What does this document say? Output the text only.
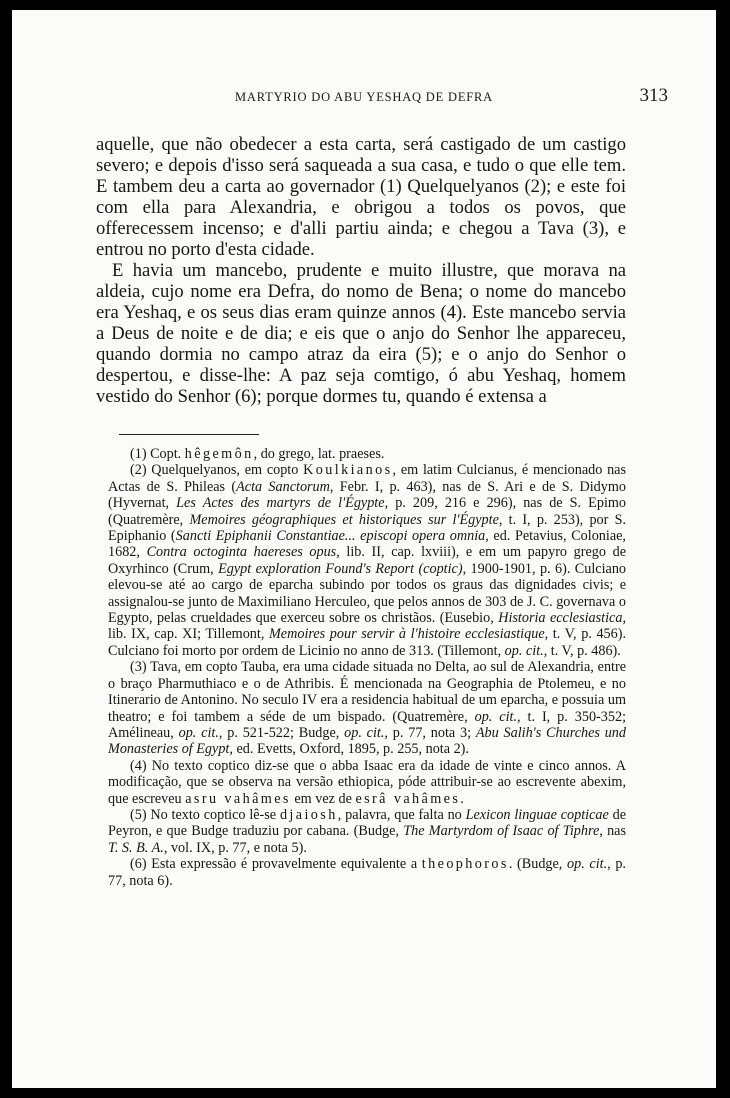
MARTYRIO DO ABU YESHAQ DE DEFRA	313

aquelle, que não obedecer a esta carta, será castigado de um castigo severo; e depois d'isso será saqueada a sua casa, e tudo o que elle tem. E tambem deu a carta ao governador (1) Quelquelyanos (2); e este foi com ella para Alexandria, e obrigou a todos os povos, que offerecessem incenso; e d'alli partiu ainda; e chegou a Tava (3), e entrou no porto d'esta cidade.

E havia um mancebo, prudente e muito illustre, que morava na aldeia, cujo nome era Defra, do nomo de Bena; o nome do mancebo era Yeshaq, e os seus dias eram quinze annos (4). Este mancebo servia a Deus de noite e de dia; e eis que o anjo do Senhor lhe appareceu, quando dormia no campo atraz da eira (5); e o anjo do Senhor o despertou, e disse-lhe: A paz seja comtigo, ó abu Yeshaq, homem vestido do Senhor (6); porque dormes tu, quando é extensa a

(1) Copt. hêgemôn, do grego, lat. praeses.

(2) Quelquelyanos, em copto Koulkianos, em latim Culcianus, é mencionado nas Actas de S. Phileas (Acta Sanctorum, Febr. I, p. 463), nas de S. Ari e de S. Didymo (Hyvernat, Les Actes des martyrs de l'Égypte, p. 209, 216 e 296), nas de S. Epimo (Quatremère, Memoires géographiques et historiques sur l'Égypte, t. I, p. 253), por S. Epiphanio (Sancti Epiphanii Constantiae... episcopi opera omnia, ed. Petavius, Coloniae, 1682, Contra octoginta haereses opus, lib. II, cap. lxviii), e em um papyro grego de Oxyrhinco (Crum, Egypt exploration Found's Report (coptic), 1900-1901, p. 6). Culciano elevou-se até ao cargo de eparcha subindo por todos os graus das dignidades civis; e assignalou-se junto de Maximiliano Herculeo, que pelos annos de 303 de J. C. governava o Egypto, pelas crueldades que exerceu sobre os christãos. (Eusebio, Historia ecclesiastica, lib. IX, cap. XI; Tillemont, Memoires pour servir à l'histoire ecclesiastique, t. V, p. 456). Culciano foi morto por ordem de Licinio no anno de 313. (Tillemont, op. cit., t. V, p. 486).

(3) Tava, em copto Tauba, era uma cidade situada no Delta, ao sul de Alexandria, entre o braço Pharmuthiaco e o de Athribis. É mencionada na Geographia de Ptolemeu, e no Itinerario de Antonino. No seculo IV era a residencia habitual de um eparcha, e possuia um theatro; e foi tambem a séde de um bispado. (Quatremère, op. cit., t. I, p. 350-352; Amélineau, op. cit., p. 521-522; Budge, op. cit., p. 77, nota 3; Abu Salih's Churches und Monasteries of Egypt, ed. Evetts, Oxford, 1895, p. 255, nota 2).

(4) No texto coptico diz-se que o abba Isaac era da idade de vinte e cinco annos. A modificação, que se observa na versão ethiopica, póde attribuir-se ao escrevente abexim, que escreveu asru vahâmes em vez de esrâ vahâmes.

(5) No texto coptico lê-se djaiosh, palavra, que falta no Lexicon linguae copticae de Peyron, e que Budge traduziu por cabana. (Budge, The Martyrdom of Isaac of Tiphre, nas T. S. B. A., vol. IX, p. 77, e nota 5).

(6) Esta expressão é provavelmente equivalente a theophoros. (Budge, op. cit., p. 77, nota 6).
